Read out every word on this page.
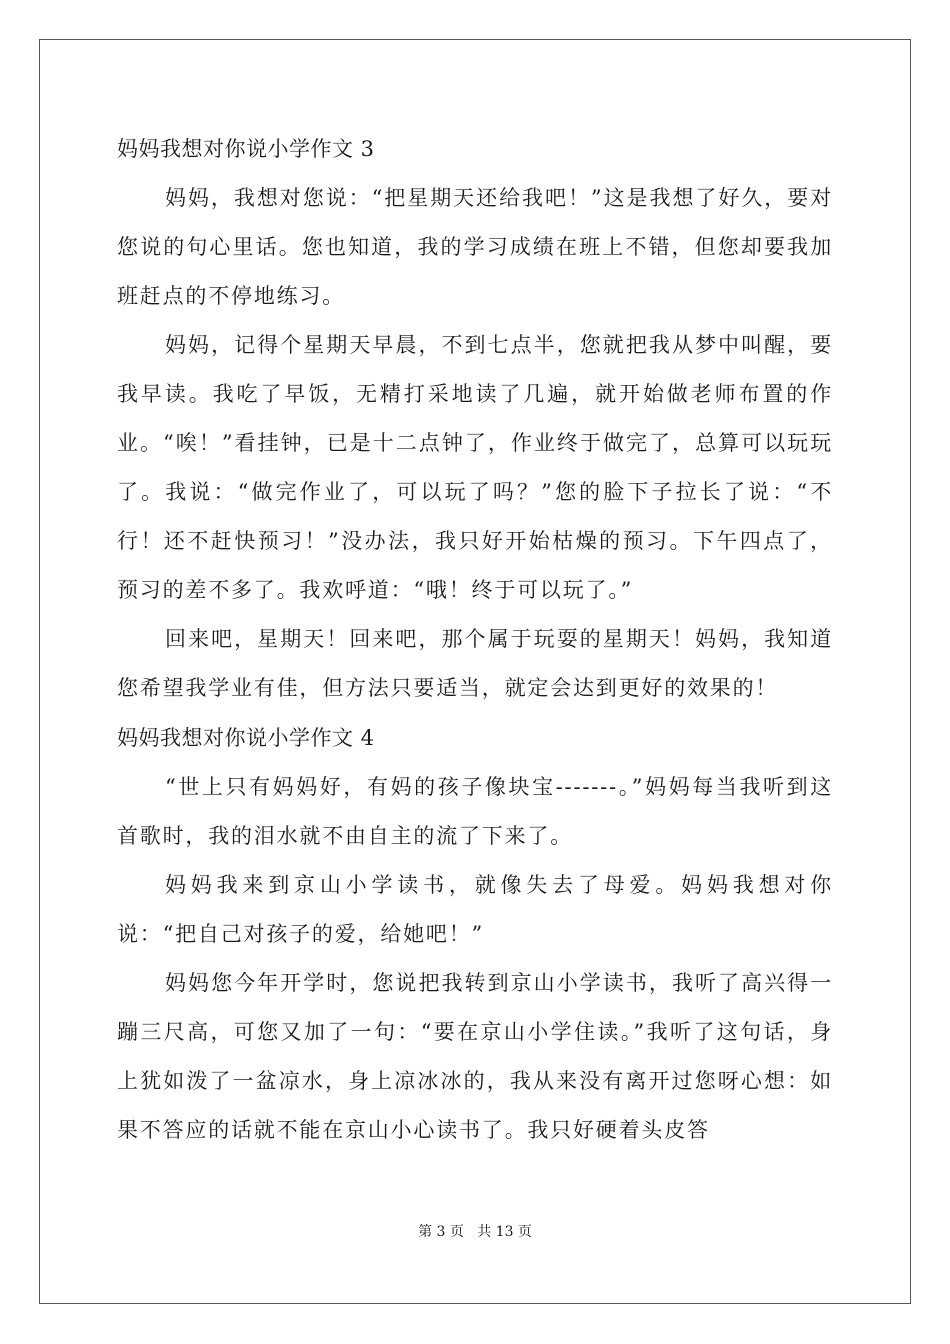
妈妈我想对你说小学作文 3

妈妈，我想对您说：“把星期天还给我吧！”这是我想了好久，要对您说的句心里话。您也知道，我的学习成绩在班上不错，但您却要我加班赶点的不停地练习。

妈妈，记得个星期天早晨，不到七点半，您就把我从梦中叫醒，要我早读。我吃了早饭，无精打采地读了几遍，就开始做老师布置的作业。“唉！”看挂钟，已是十二点钟了，作业终于做完了，总算可以玩玩了。我说：“做完作业了，可以玩了吗？”您的脸下子拉长了说：“不行！还不赶快预习！”没办法，我只好开始枯燥的预习。下午四点了，预习的差不多了。我欢呼道：“哦！终于可以玩了。”

回来吧，星期天！回来吧，那个属于玩耍的星期天！妈妈，我知道您希望我学业有佳，但方法只要适当，就定会达到更好的效果的！

妈妈我想对你说小学作文 4

“世上只有妈妈好，有妈的孩子像块宝-------。”妈妈每当我听到这首歌时，我的泪水就不由自主的流了下来了。

妈妈我来到京山小学读书，就像失去了母爱。妈妈我想对你说：“把自己对孩子的爱，给她吧！”

妈妈您今年开学时，您说把我转到京山小学读书，我听了高兴得一蹦三尺高，可您又加了一句：“要在京山小学住读。”我听了这句话，身上犹如泼了一盆凉水，身上凉冰冰的，我从来没有离开过您呀心想：如果不答应的话就不能在京山小心读书了。我只好硬着头皮答

第 3 页   共 13 页
